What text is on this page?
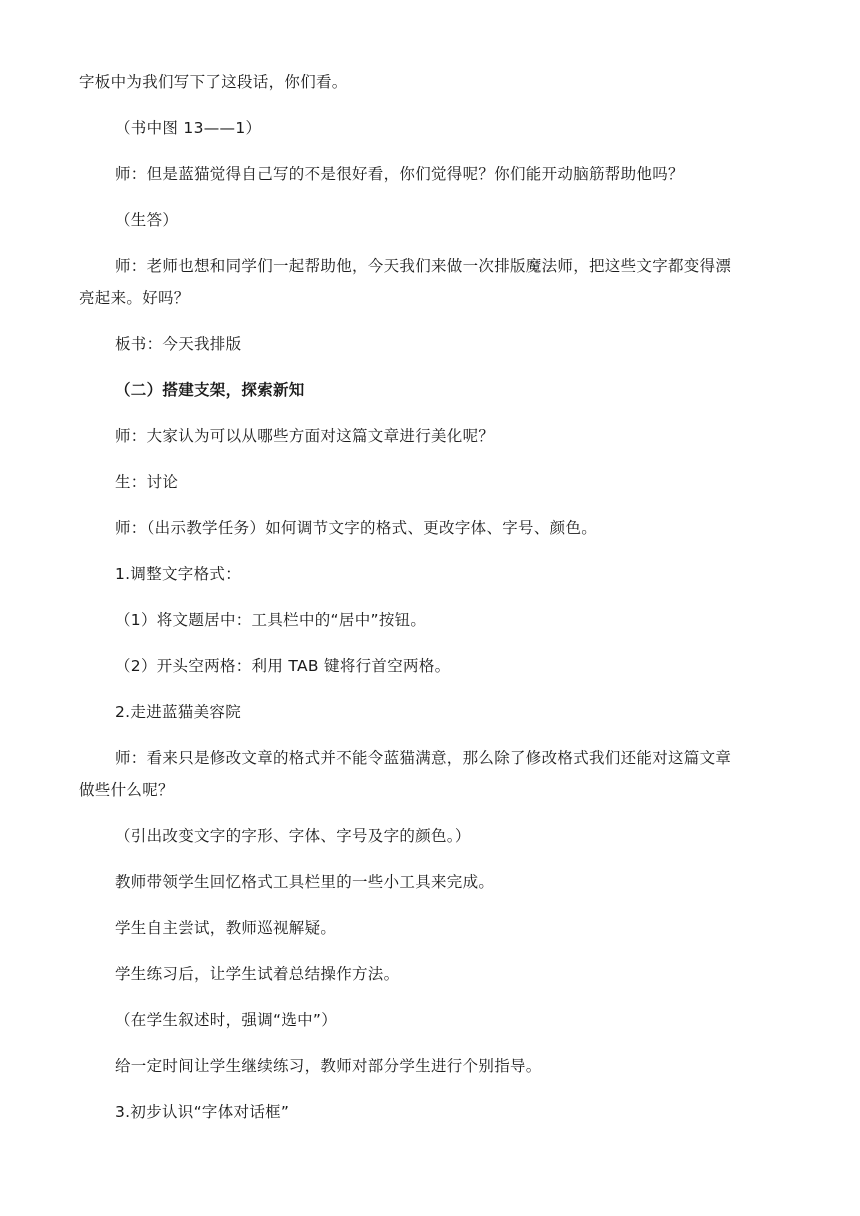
字板中为我们写下了这段话，你们看。
（书中图 13——1）
师：但是蓝猫觉得自己写的不是很好看，你们觉得呢？你们能开动脑筋帮助他吗？
（生答）
师：老师也想和同学们一起帮助他，今天我们来做一次排版魔法师，把这些文字都变得漂
亮起来。好吗？
板书：今天我排版
（二）搭建支架，探索新知
师：大家认为可以从哪些方面对这篇文章进行美化呢？
生：讨论
师：（出示教学任务）如何调节文字的格式、更改字体、字号、颜色。
1.调整文字格式：
（1）将文题居中：工具栏中的“居中”按钮。
（2）开头空两格：利用 TAB 键将行首空两格。
2.走进蓝猫美容院
师：看来只是修改文章的格式并不能令蓝猫满意，那么除了修改格式我们还能对这篇文章
做些什么呢？
（引出改变文字的字形、字体、字号及字的颜色。）
教师带领学生回忆格式工具栏里的一些小工具来完成。
学生自主尝试，教师巡视解疑。
学生练习后，让学生试着总结操作方法。
（在学生叙述时，强调“选中”）
给一定时间让学生继续练习，教师对部分学生进行个别指导。
3.初步认识“字体对话框”
